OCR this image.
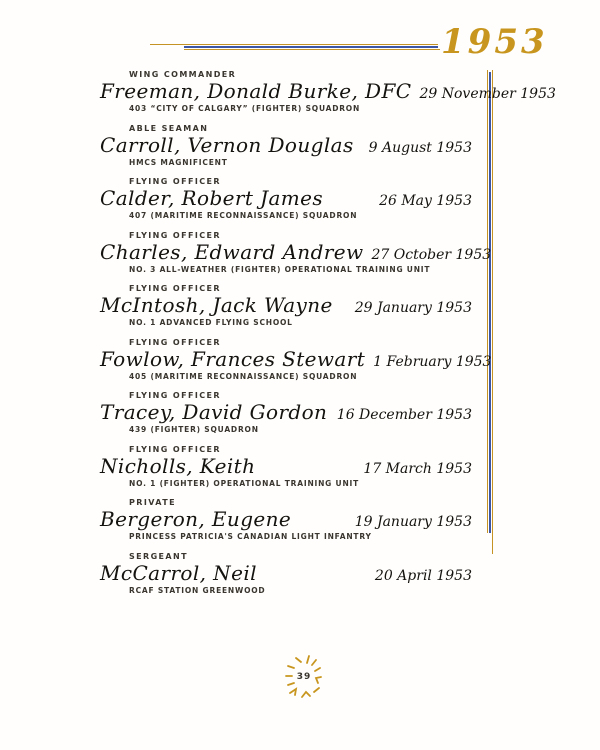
1953
WING COMMANDER
Freeman, Donald Burke, DFC 29 November 1953
403 “CITY OF CALGARY” (FIGHTER) SQUADRON
ABLE SEAMAN
Carroll, Vernon Douglas	9 August 1953
HMCS MAGNIFICENT
FLYING OFFICER
Calder, Robert James	26 May 1953
407 (MARITIME RECONNAISSANCE) SQUADRON
FLYING OFFICER
Charles, Edward Andrew 27 October 1953
NO. 3 ALL-WEATHER (FIGHTER) OPERATIONAL TRAINING UNIT
FLYING OFFICER
McIntosh, Jack Wayne	29 January 1953
NO. 1 ADVANCED FLYING SCHOOL
FLYING OFFICER
Fowlow, Frances Stewart 1 February 1953
405 (MARITIME RECONNAISSANCE) SQUADRON
FLYING OFFICER
Tracey, David Gordon 16 December 1953
439 (FIGHTER) SQUADRON
FLYING OFFICER
Nicholls, Keith	17 March 1953
NO. 1 (FIGHTER) OPERATIONAL TRAINING UNIT
PRIVATE
Bergeron, Eugene	19 January 1953
PRINCESS PATRICIA'S CANADIAN LIGHT INFANTRY
SERGEANT
McCarrol, Neil	20 April 1953
RCAF STATION GREENWOOD
39
